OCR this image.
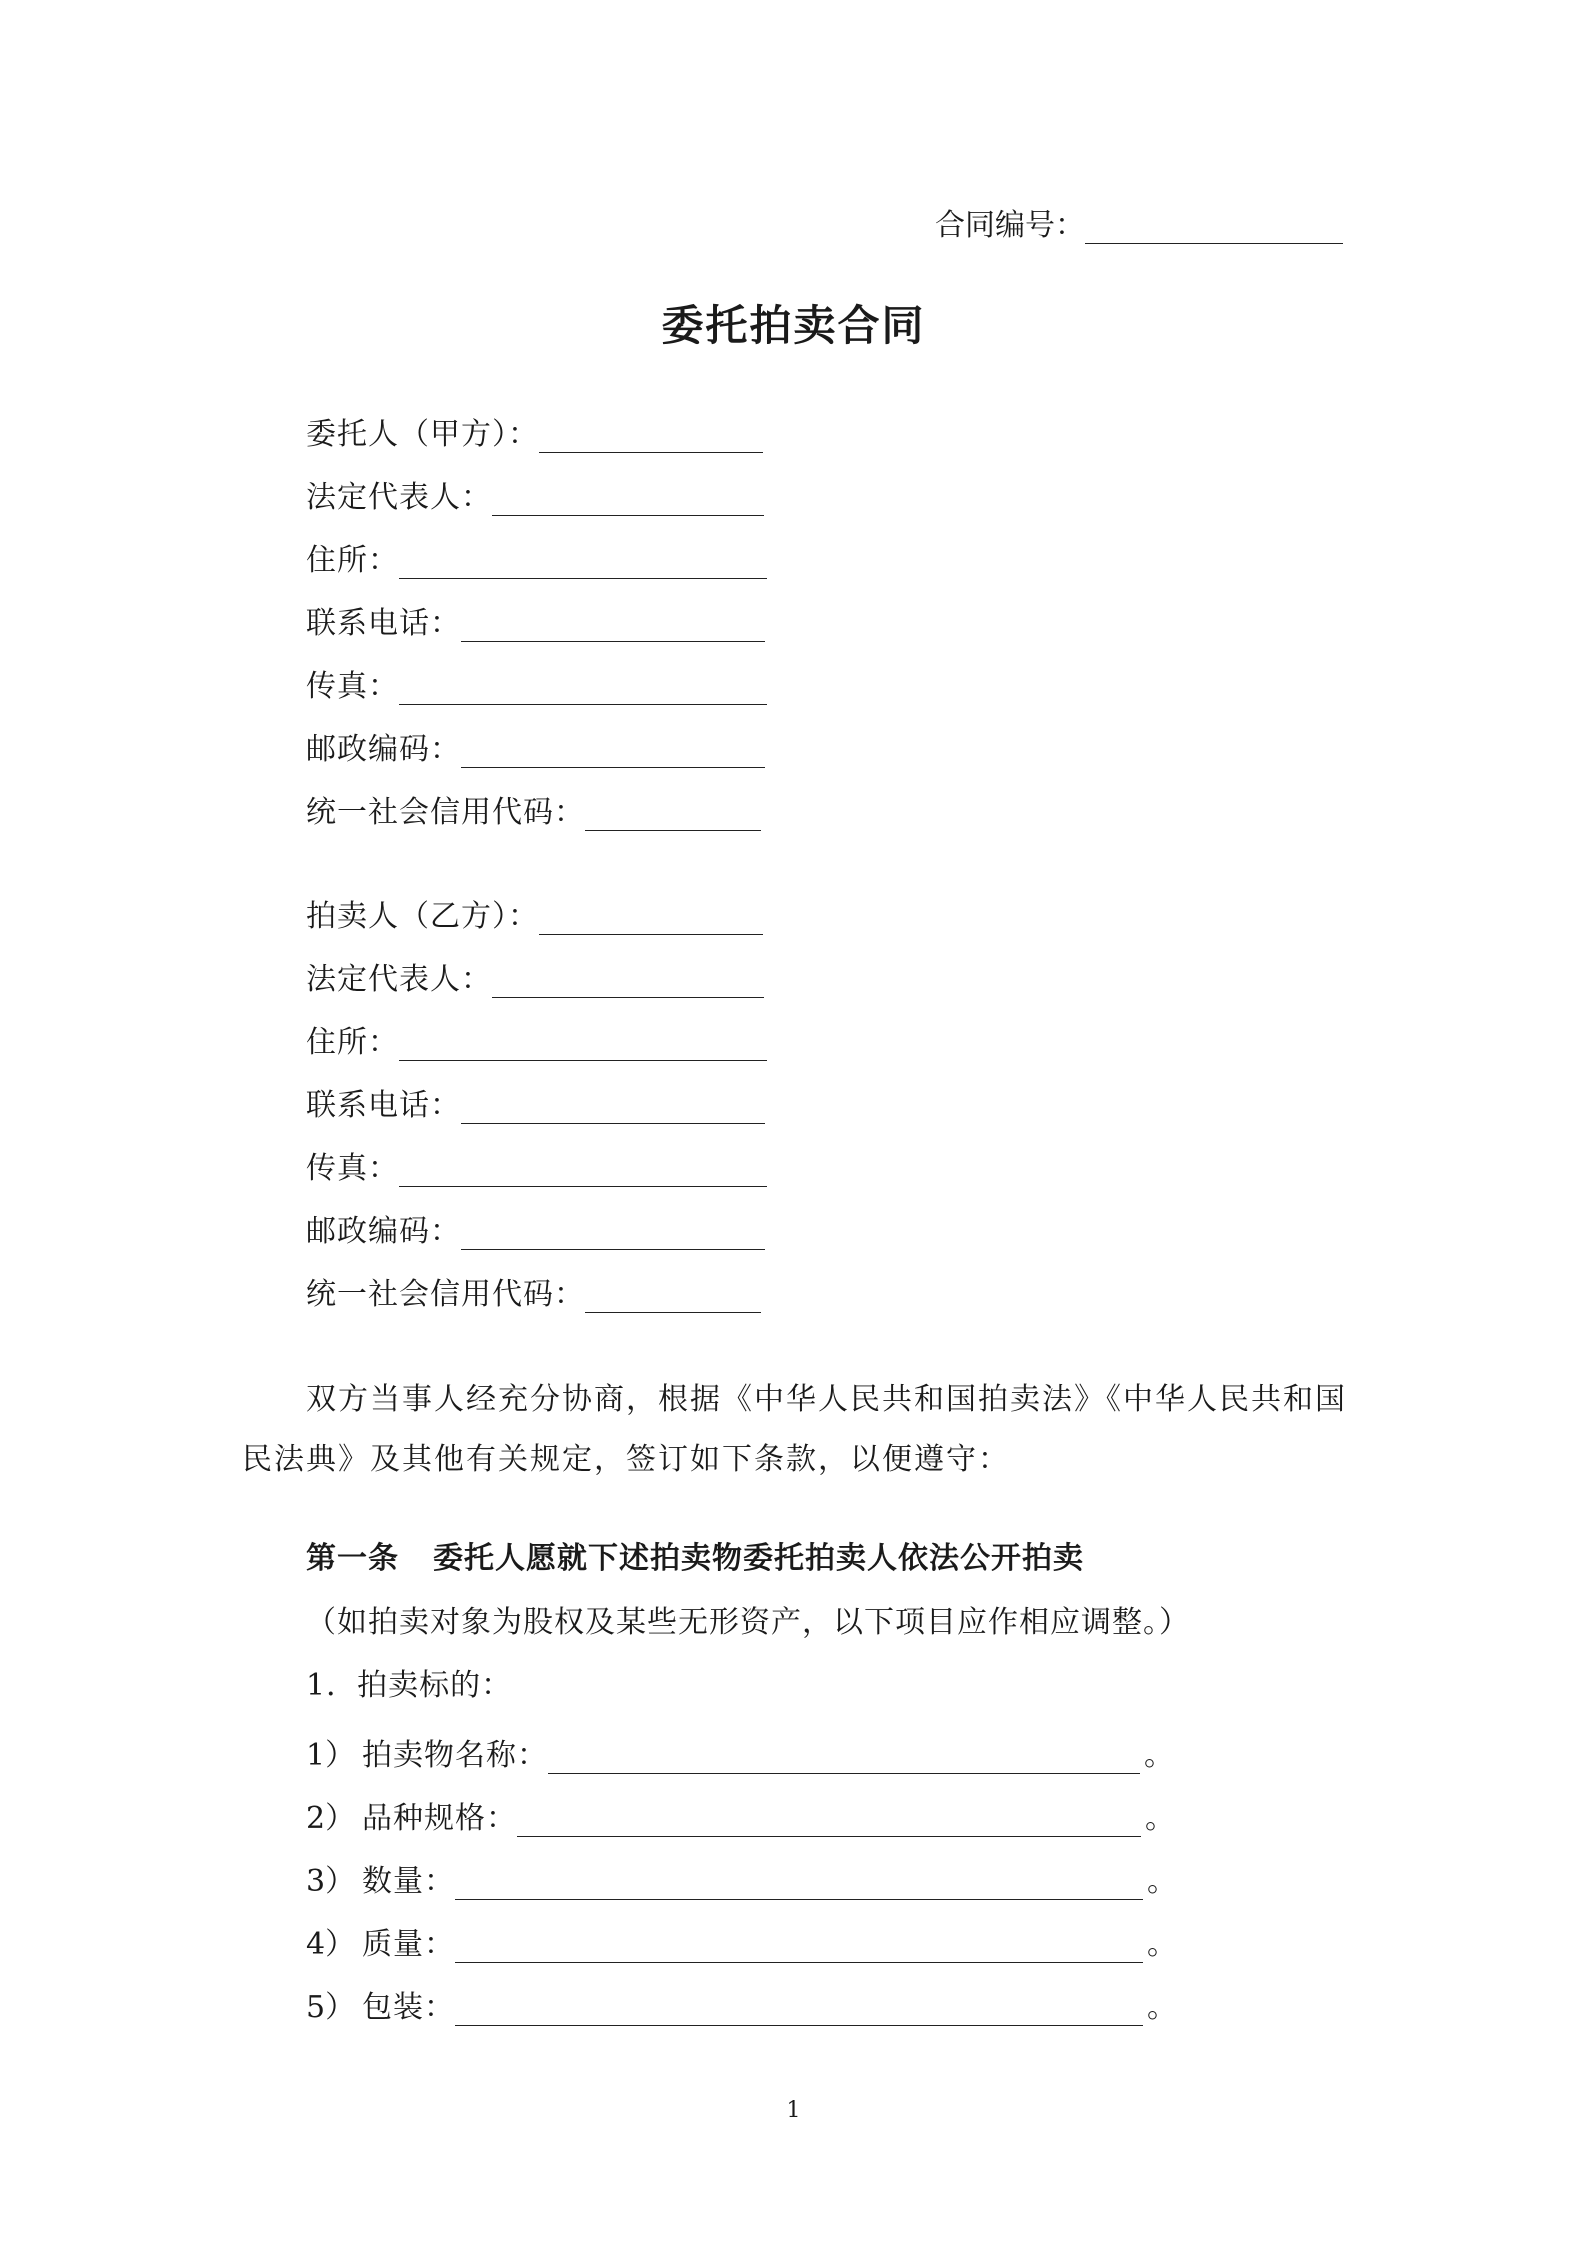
合同编号：
委托拍卖合同
委托人（甲方）：
法定代表人：
住所：
联系电话：
传真：
邮政编码：
统一社会信用代码：
拍卖人（乙方）：
法定代表人：
住所：
联系电话：
传真：
邮政编码：
统一社会信用代码：
双方当事人经充分协商，根据《中华人民共和国拍卖法》《中华人民共和国
民法典》及其他有关规定，签订如下条款，以便遵守：
第一条 委托人愿就下述拍卖物委托拍卖人依法公开拍卖
（如拍卖对象为股权及某些无形资产，以下项目应作相应调整。）
1．拍卖标的：
1） 拍卖物名称：	。
2） 品种规格：	。
3） 数量：	。
4） 质量：	。
5） 包装：	。
1
